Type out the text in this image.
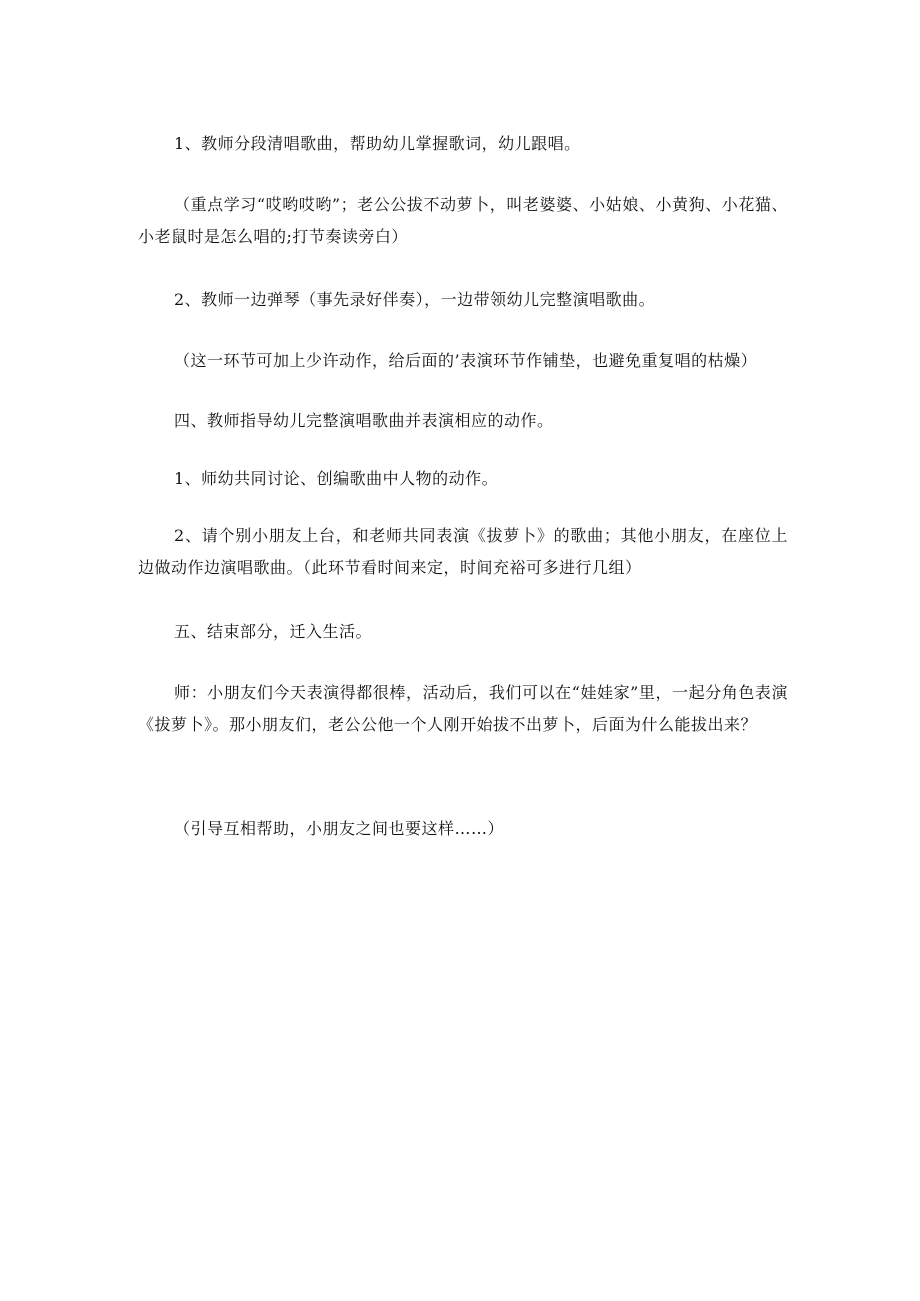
1、教师分段清唱歌曲，帮助幼儿掌握歌词，幼儿跟唱。

（重点学习“哎哟哎哟”；老公公拔不动萝卜，叫老婆婆、小姑娘、小黄狗、小花猫、小老鼠时是怎么唱的;打节奏读旁白）

2、教师一边弹琴（事先录好伴奏），一边带领幼儿完整演唱歌曲。

（这一环节可加上少许动作，给后面的’表演环节作铺垫，也避免重复唱的枯燥）

四、教师指导幼儿完整演唱歌曲并表演相应的动作。

1、师幼共同讨论、创编歌曲中人物的动作。

2、请个别小朋友上台，和老师共同表演《拔萝卜》的歌曲；其他小朋友，在座位上边做动作边演唱歌曲。（此环节看时间来定，时间充裕可多进行几组）

五、结束部分，迁入生活。

师：小朋友们今天表演得都很棒，活动后，我们可以在“娃娃家”里，一起分角色表演《拔萝卜》。那小朋友们，老公公他一个人刚开始拔不出萝卜，后面为什么能拔出来？

（引导互相帮助，小朋友之间也要这样……）
